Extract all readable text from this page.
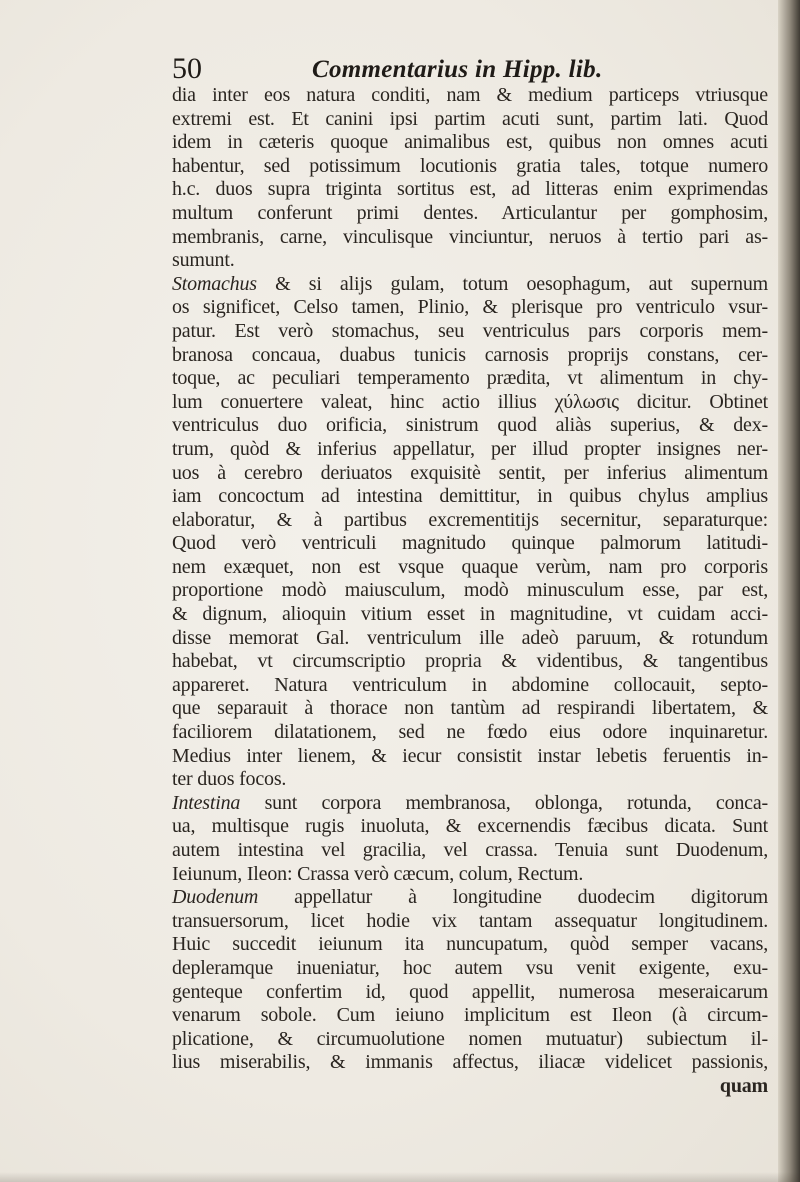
50	Commentarius in Hipp. lib.
dia inter eos natura conditi, nam & medium particeps vtriusque
extremi est. Et canini ipsi partim acuti sunt, partim lati. Quod
idem in cæteris quoque animalibus est, quibus non omnes acuti
habentur, sed potissimum locutionis gratia tales, totque numero
h.c. duos supra triginta sortitus est, ad litteras enim exprimendas
multum conferunt primi dentes. Articulantur per gomphosim,
membranis, carne, vinculisque vinciuntur, neruos à tertio pari as-
sumunt.
Stomachus & si alijs gulam, totum oesophagum, aut supernum
os significet, Celso tamen, Plinio, & plerisque pro ventriculo vsur-
patur. Est verò stomachus, seu ventriculus pars corporis mem-
branosa concaua, duabus tunicis carnosis proprijs constans, cer-
toque, ac peculiari temperamento prædita, vt alimentum in chy-
lum conuertere valeat, hinc actio illius χύλωσις dicitur. Obtinet
ventriculus duo orificia, sinistrum quod aliàs superius, & dex-
trum, quòd & inferius appellatur, per illud propter insignes ner-
uos à cerebro deriuatos exquisitè sentit, per inferius alimentum
iam concoctum ad intestina demittitur, in quibus chylus amplius
elaboratur, & à partibus excrementitijs secernitur, separaturque:
Quod verò ventriculi magnitudo quinque palmorum latitudi-
nem exæquet, non est vsque quaque verùm, nam pro corporis
proportione modò maiusculum, modò minusculum esse, par est,
& dignum, alioquin vitium esset in magnitudine, vt cuidam acci-
disse memorat Gal. ventriculum ille adeò paruum, & rotundum
habebat, vt circumscriptio propria & videntibus, & tangentibus
appareret. Natura ventriculum in abdomine collocauit, septo-
que separauit à thorace non tantùm ad respirandi libertatem, &
faciliorem dilatationem, sed ne fœdo eius odore inquinaretur.
Medius inter lienem, & iecur consistit instar lebetis feruentis in-
ter duos focos.
Intestina sunt corpora membranosa, oblonga, rotunda, conca-
ua, multisque rugis inuoluta, & excernendis fæcibus dicata. Sunt
autem intestina vel gracilia, vel crassa. Tenuia sunt Duodenum,
Ieiunum, Ileon: Crassa verò cæcum, colum, Rectum.
Duodenum appellatur à longitudine duodecim digitorum
transuersorum, licet hodie vix tantam assequatur longitudinem.
Huic succedit ieiunum ita nuncupatum, quòd semper vacans,
depleramque inueniatur, hoc autem vsu venit exigente, exu-
genteque confertim id, quod appellit, numerosa meseraicarum
venarum sobole. Cum ieiuno implicitum est Ileon (à circum-
plicatione, & circumuolutione nomen mutuatur) subiectum il-
lius miserabilis, & immanis affectus, iliacæ videlicet passionis,
quam
